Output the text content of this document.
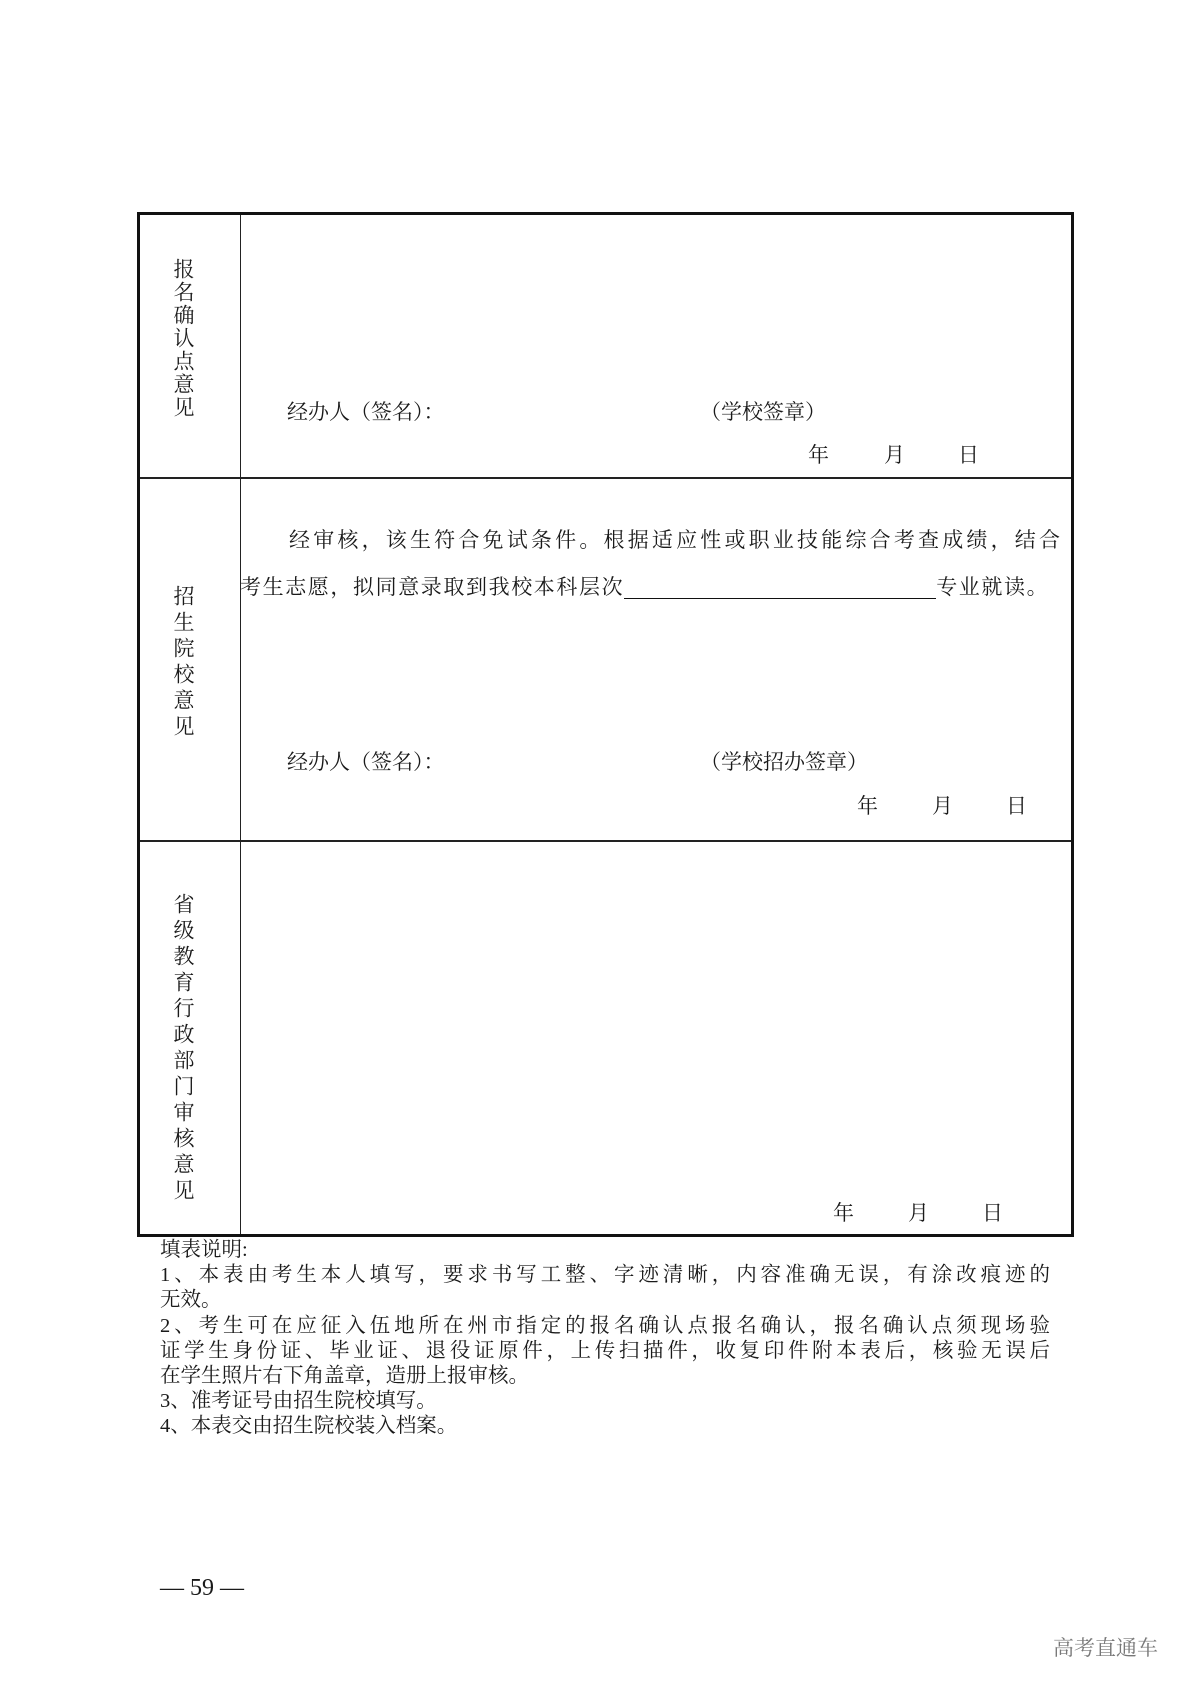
报名确认点意见	经办人（签名）：	（学校签章）
年	月	日
招生院校意见
经审核，该生符合免试条件。根据适应性或职业技能综合考查成绩，结合
考生志愿，拟同意录取到我校本科层次	专业就读。
经办人（签名）：	（学校招办签章）
年	月	日
省级教育行政部门审核意见
年	月	日
填表说明:
1、本表由考生本人填写，要求书写工整、字迹清晰，内容准确无误，有涂改痕迹的
无效。
2、考生可在应征入伍地所在州市指定的报名确认点报名确认，报名确认点须现场验
证学生身份证、毕业证、退役证原件，上传扫描件，收复印件附本表后，核验无误后
在学生照片右下角盖章，造册上报审核。
3、准考证号由招生院校填写。
4、本表交由招生院校装入档案。
— 59 —
高考直通车
